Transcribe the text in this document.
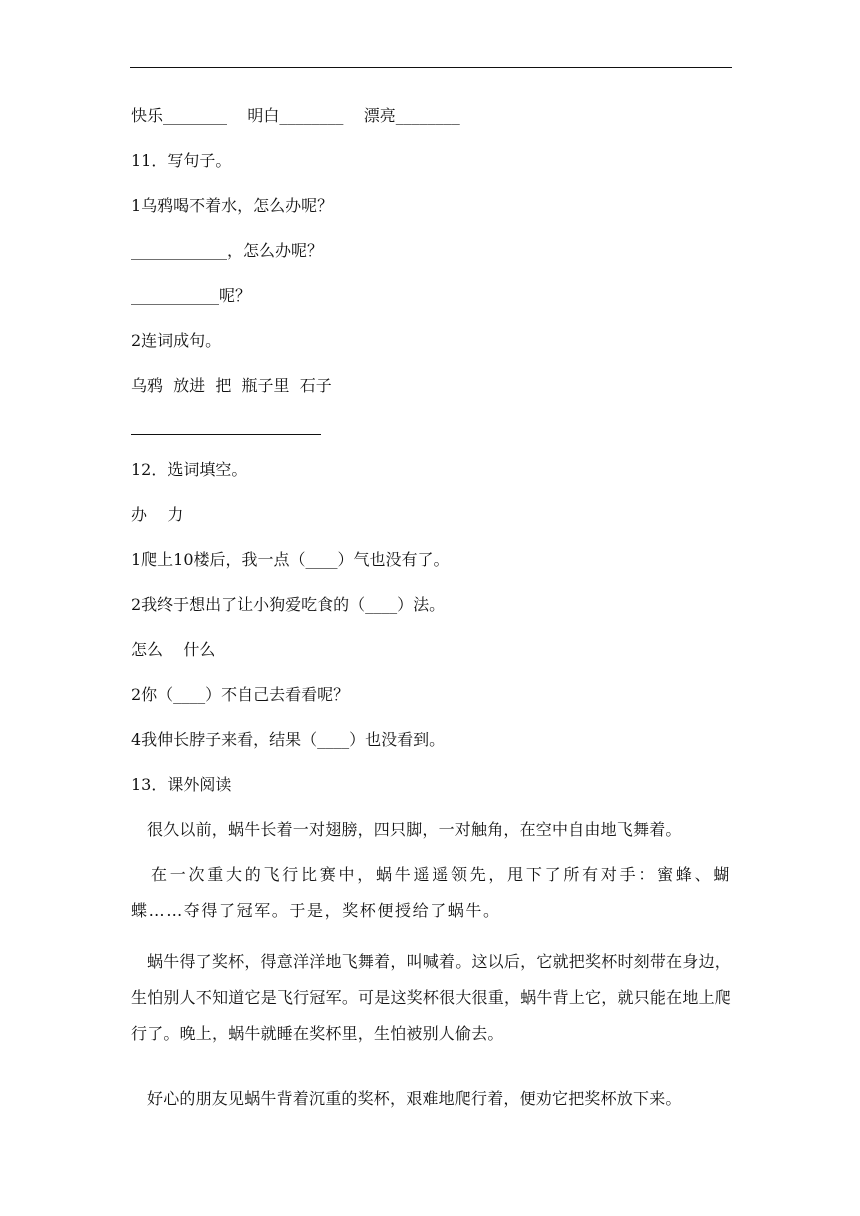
快乐________    明白________    漂亮________
11．写句子。
1乌鸦喝不着水，怎么办呢？
____________，怎么办呢？
___________呢？
2连词成句。
乌鸦  放进  把  瓶子里  石子
12．选词填空。
办    力
1爬上10楼后，我一点（____）气也没有了。
2我终于想出了让小狗爱吃食的（____）法。
怎么    什么
2你（____）不自己去看看呢？
4我伸长脖子来看，结果（____）也没看到。
13．课外阅读
很久以前，蜗牛长着一对翅膀，四只脚，一对触角，在空中自由地飞舞着。
在一次重大的飞行比赛中，蜗牛遥遥领先，甩下了所有对手：蜜蜂、蝴蝶……夺得了冠军。于是，奖杯便授给了蜗牛。
蜗牛得了奖杯，得意洋洋地飞舞着，叫喊着。这以后，它就把奖杯时刻带在身边，生怕别人不知道它是飞行冠军。可是这奖杯很大很重，蜗牛背上它，就只能在地上爬行了。晚上，蜗牛就睡在奖杯里，生怕被别人偷去。
好心的朋友见蜗牛背着沉重的奖杯，艰难地爬行着，便劝它把奖杯放下来。
